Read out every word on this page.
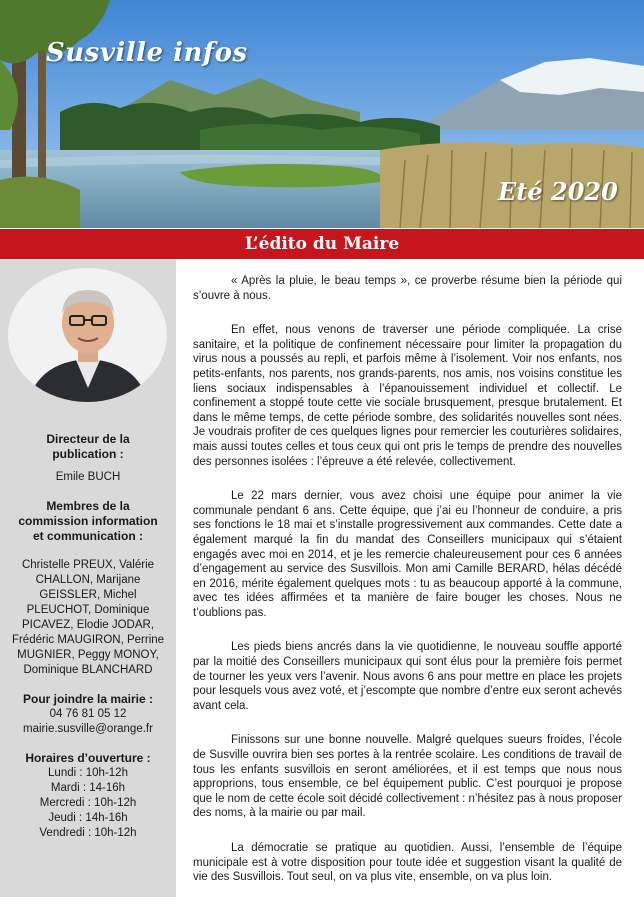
Susville infos
Eté 2020
L’édito du Maire
Directeur de la publication :
Emile BUCH
Membres de la commission information et communication :
Christelle PREUX, Valérie CHALLON, Marijane GEISSLER, Michel PLEUCHOT, Dominique PICAVEZ, Elodie JODAR, Frédéric MAUGIRON, Perrine MUGNIER, Peggy MONOY, Dominique BLANCHARD
Pour joindre la mairie :
04 76 81 05 12
mairie.susville@orange.fr
Horaires d’ouverture :
Lundi : 10h-12h
Mardi : 14-16h
Mercredi : 10h-12h
Jeudi : 14h-16h
Vendredi : 10h-12h

« Après la pluie, le beau temps », ce proverbe résume bien la période qui s’ouvre à nous.

En effet, nous venons de traverser une période compliquée. La crise sanitaire, et la politique de confinement nécessaire pour limiter la propagation du virus nous a poussés au repli, et parfois même à l’isolement. Voir nos enfants, nos petits-enfants, nos parents, nos grands-parents, nos amis, nos voisins constitue les liens sociaux indispensables à l’épanouissement individuel et collectif. Le confinement a stoppé toute cette vie sociale brusquement, presque brutalement. Et dans le même temps, de cette période sombre, des solidarités nouvelles sont nées. Je voudrais profiter de ces quelques lignes pour remercier les couturières solidaires, mais aussi toutes celles et tous ceux qui ont pris le temps de prendre des nouvelles des personnes isolées : l’épreuve a été relevée, collectivement.

Le 22 mars dernier, vous avez choisi une équipe pour animer la vie communale pendant 6 ans. Cette équipe, que j’ai eu l’honneur de conduire, a pris ses fonctions le 18 mai et s’installe progressivement aux commandes. Cette date a également marqué la fin du mandat des Conseillers municipaux qui s’étaient engagés avec moi en 2014, et je les remercie chaleureusement pour ces 6 années d’engagement au service des Susvillois. Mon ami Camille BERARD, hélas décédé en 2016, mérite également quelques mots : tu as beaucoup apporté à la commune, avec tes idées affirmées et ta manière de faire bouger les choses. Nous ne t’oublions pas.

Les pieds biens ancrés dans la vie quotidienne, le nouveau souffle apporté par la moitié des Conseillers municipaux qui sont élus pour la première fois permet de tourner les yeux vers l’avenir. Nous avons 6 ans pour mettre en place les projets pour lesquels vous avez voté, et j’escompte que nombre d’entre eux seront achevés avant cela.

Finissons sur une bonne nouvelle. Malgré quelques sueurs froides, l’école de Susville ouvrira bien ses portes à la rentrée scolaire. Les conditions de travail de tous les enfants susvillois en seront améliorées, et il est temps que nous nous approprions, tous ensemble, ce bel équipement public. C’est pourquoi je propose que le nom de cette école soit décidé collectivement : n’hésitez pas à nous proposer des noms, à la mairie ou par mail.

La démocratie se pratique au quotidien. Aussi, l’ensemble de l’équipe municipale est à votre disposition pour toute idée et suggestion visant la qualité de vie des Susvillois. Tout seul, on va plus vite, ensemble, on va plus loin.
